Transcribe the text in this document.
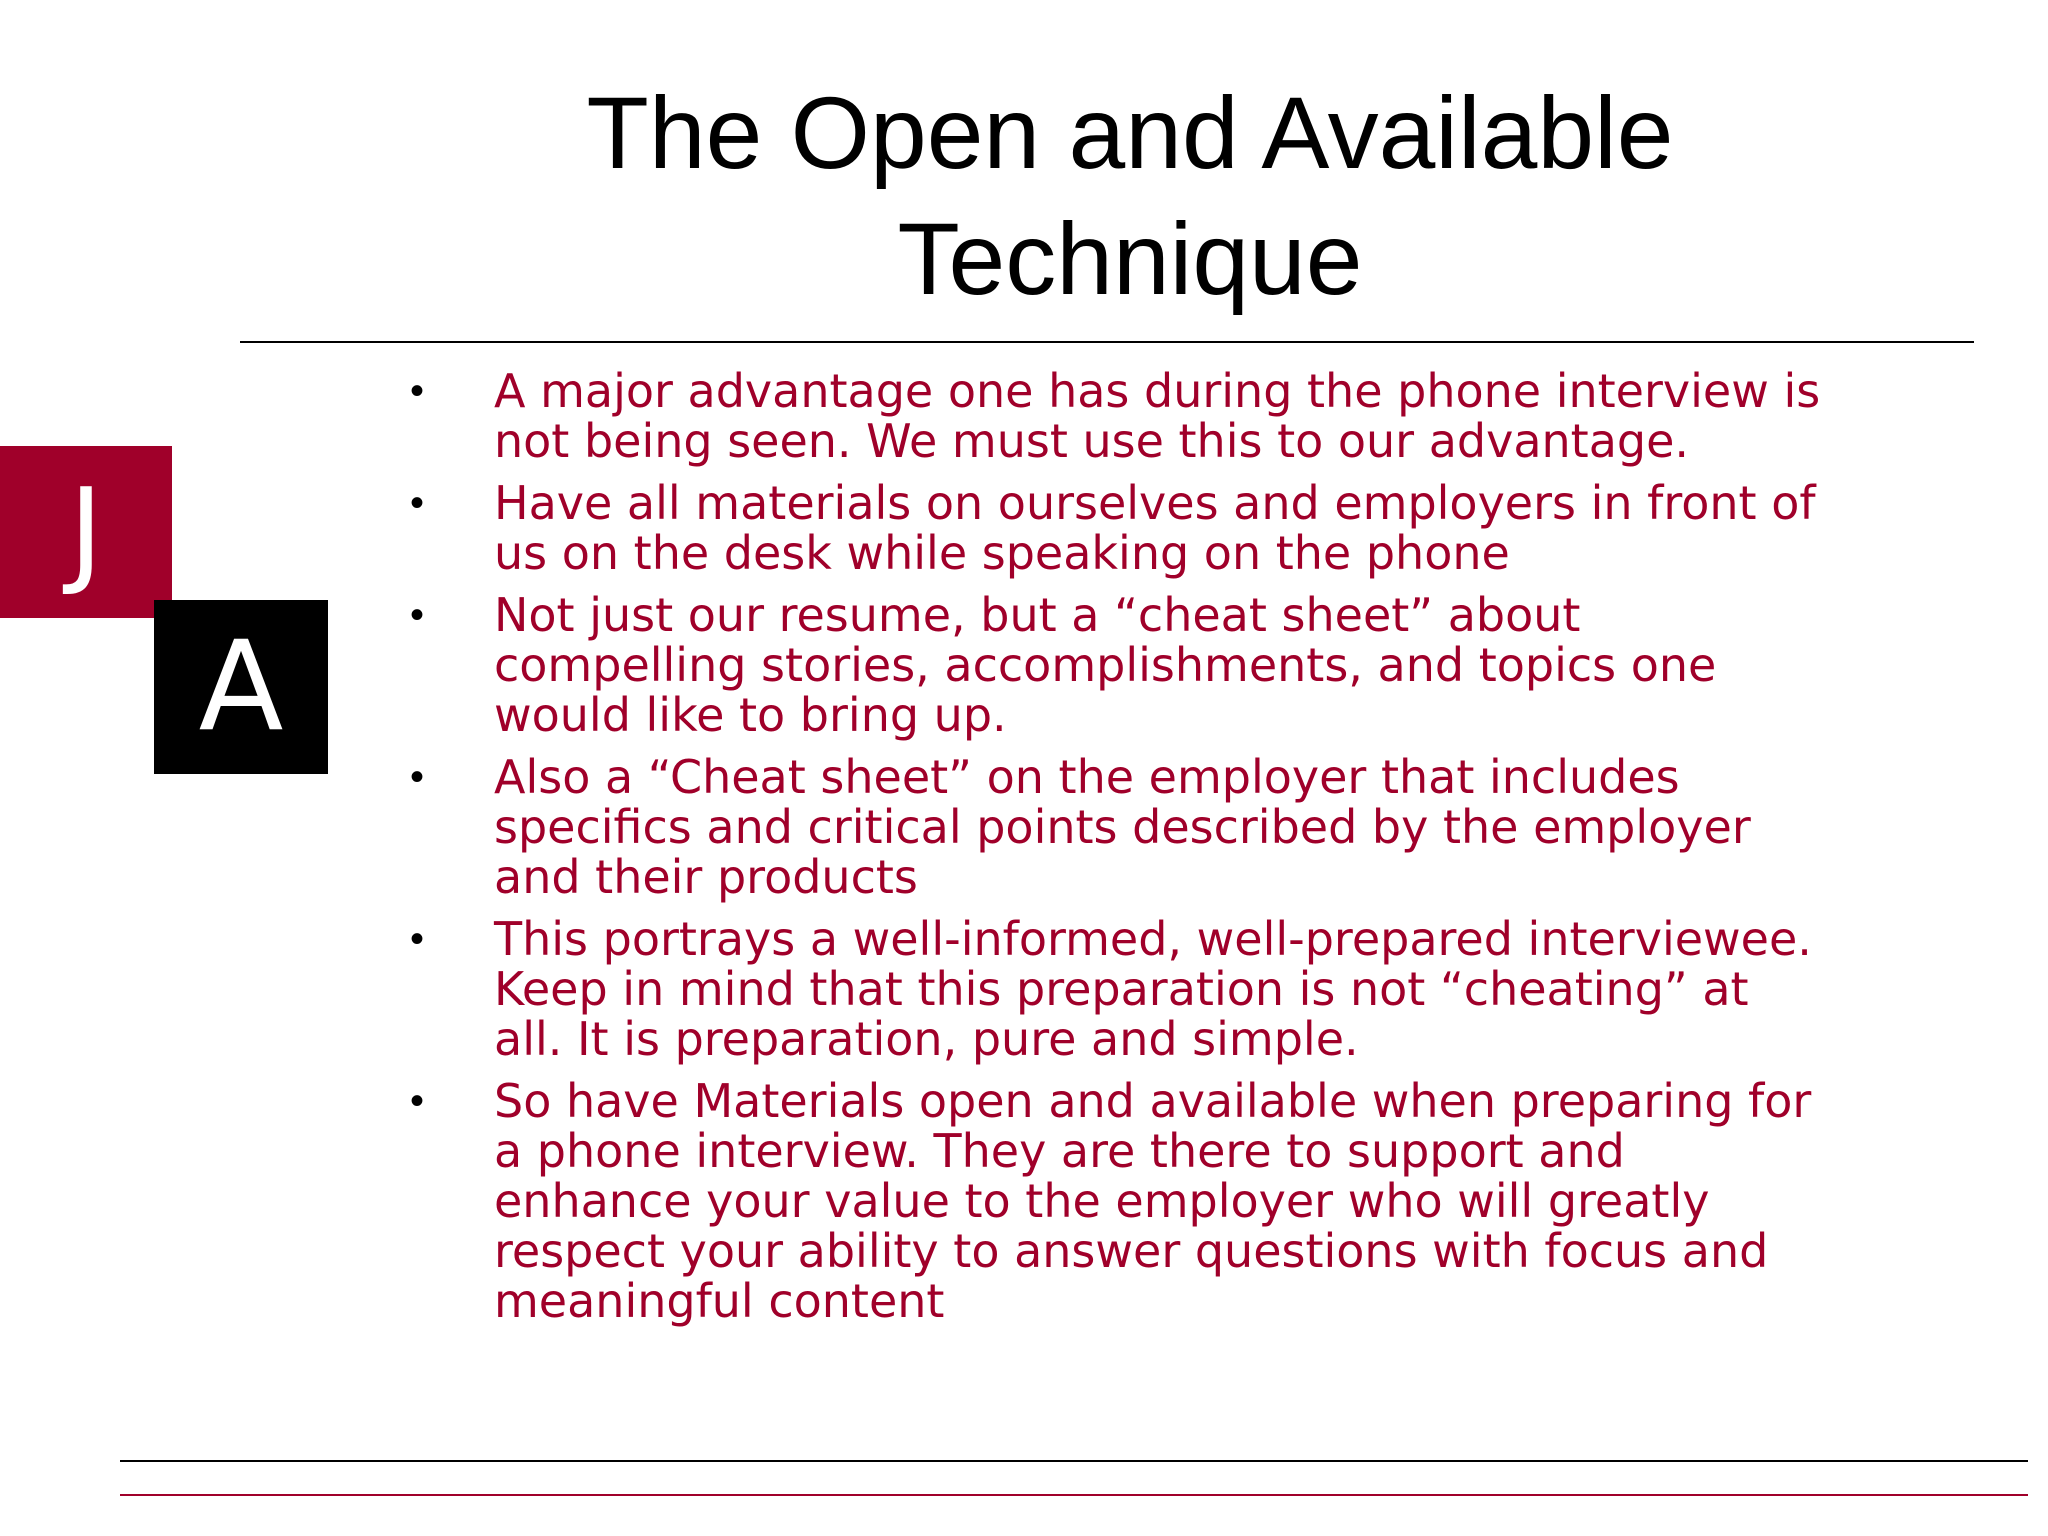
The Open and Available
Technique
J
A
• A major advantage one has during the phone interview is
not being seen. We must use this to our advantage.
• Have all materials on ourselves and employers in front of
us on the desk while speaking on the phone
• Not just our resume, but a “cheat sheet” about
compelling stories, accomplishments, and topics one
would like to bring up.
• Also a “Cheat sheet” on the employer that includes
specifics and critical points described by the employer
and their products
• This portrays a well-informed, well-prepared interviewee.
Keep in mind that this preparation is not “cheating” at
all. It is preparation, pure and simple.
• So have Materials open and available when preparing for
a phone interview. They are there to support and
enhance your value to the employer who will greatly
respect your ability to answer questions with focus and
meaningful content
